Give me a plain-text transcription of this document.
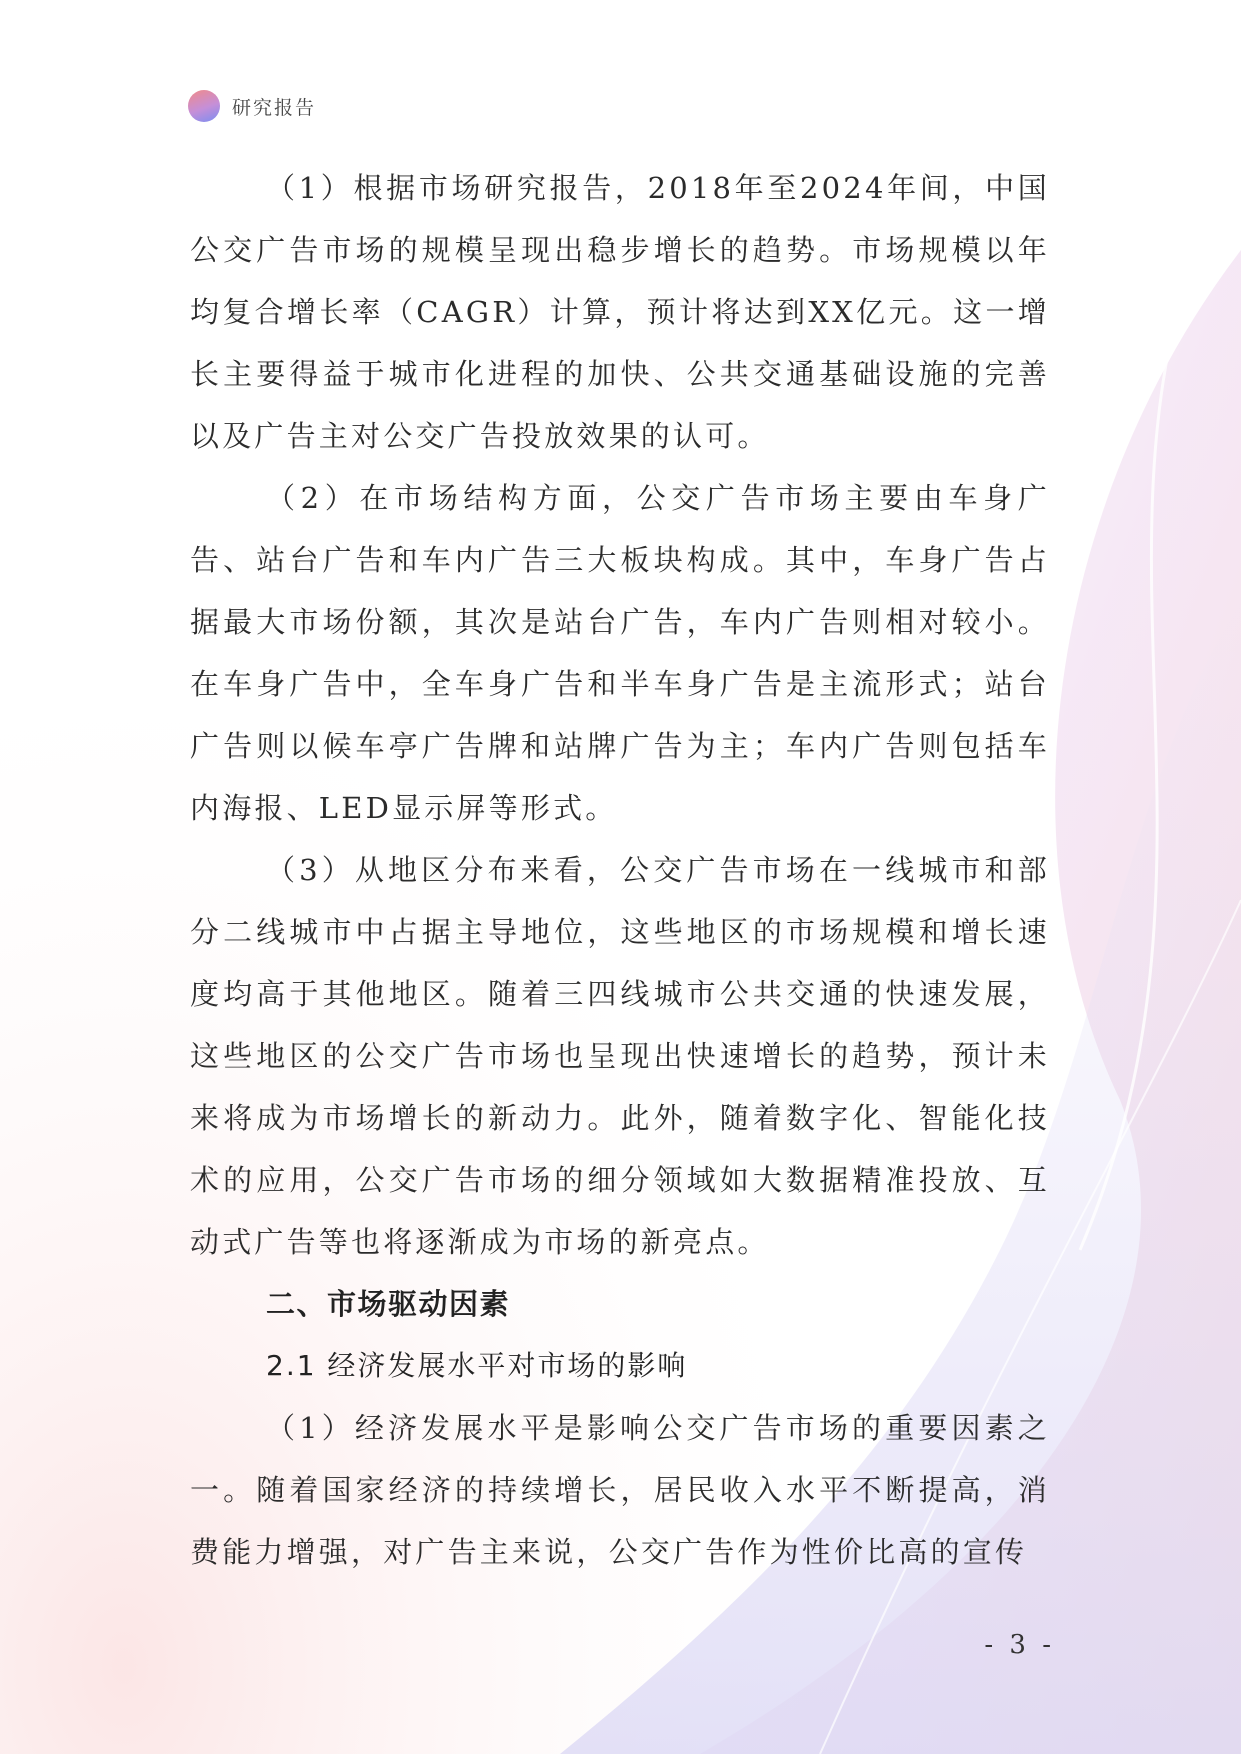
研究报告

（1）根据市场研究报告，2018年至2024年间，中国公交广告市场的规模呈现出稳步增长的趋势。市场规模以年均复合增长率（CAGR）计算，预计将达到XX亿元。这一增长主要得益于城市化进程的加快、公共交通基础设施的完善以及广告主对公交广告投放效果的认可。

（2）在市场结构方面，公交广告市场主要由车身广告、站台广告和车内广告三大板块构成。其中，车身广告占据最大市场份额，其次是站台广告，车内广告则相对较小。在车身广告中，全车身广告和半车身广告是主流形式；站台广告则以候车亭广告牌和站牌广告为主；车内广告则包括车内海报、LED显示屏等形式。

（3）从地区分布来看，公交广告市场在一线城市和部分二线城市中占据主导地位，这些地区的市场规模和增长速度均高于其他地区。随着三四线城市公共交通的快速发展，这些地区的公交广告市场也呈现出快速增长的趋势，预计未来将成为市场增长的新动力。此外，随着数字化、智能化技术的应用，公交广告市场的细分领域如大数据精准投放、互动式广告等也将逐渐成为市场的新亮点。

二、市场驱动因素
2.1 经济发展水平对市场的影响

（1）经济发展水平是影响公交广告市场的重要因素之一。随着国家经济的持续增长，居民收入水平不断提高，消费能力增强，对广告主来说，公交广告作为性价比高的宣传

- 3 -
